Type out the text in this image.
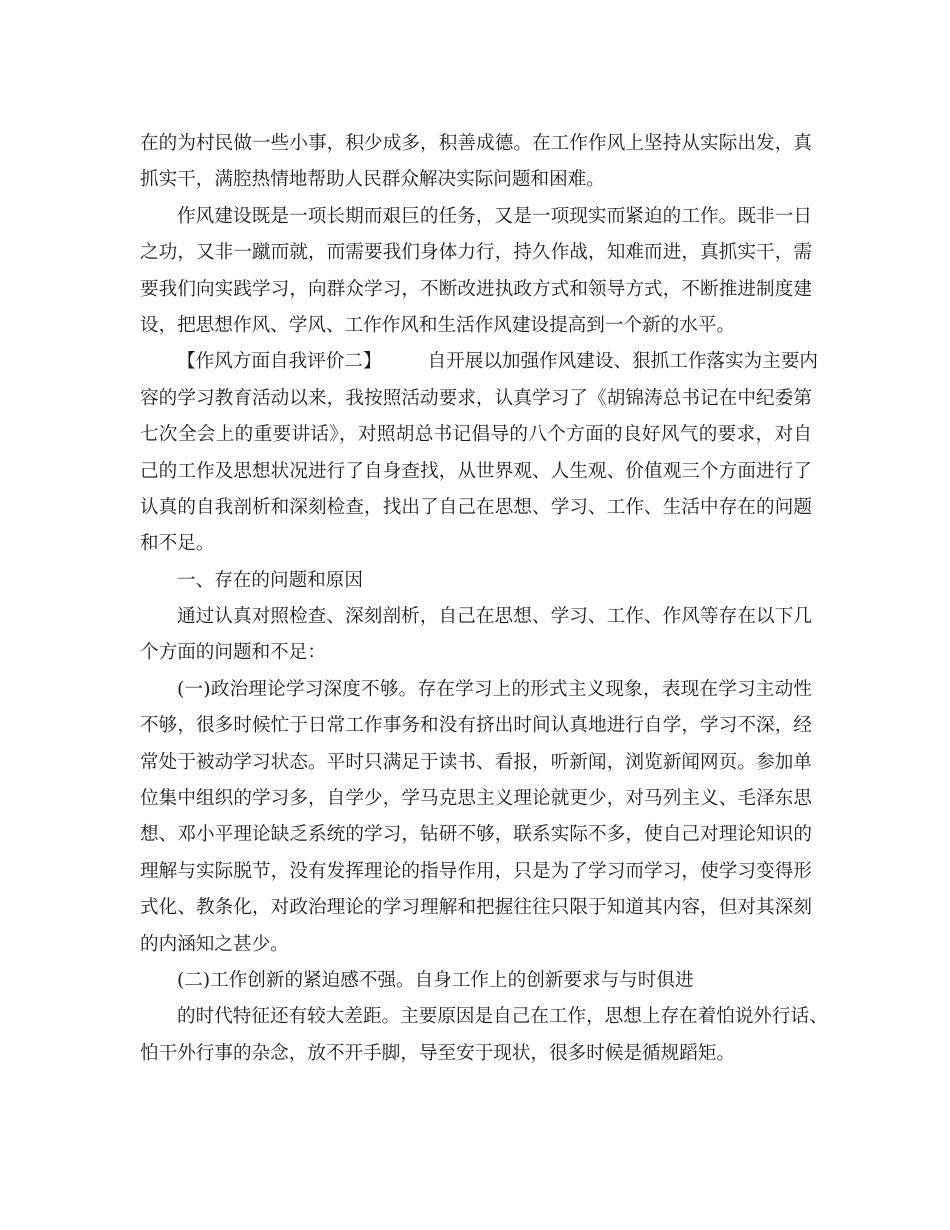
在的为村民做一些小事，积少成多，积善成德。在工作作风上坚持从实际出发，真
抓实干，满腔热情地帮助人民群众解决实际问题和困难。
作风建设既是一项长期而艰巨的任务，又是一项现实而紧迫的工作。既非一日
之功，又非一蹴而就，而需要我们身体力行，持久作战，知难而进，真抓实干，需
要我们向实践学习，向群众学习，不断改进执政方式和领导方式，不断推进制度建
设，把思想作风、学风、工作作风和生活作风建设提高到一个新的水平。
【作风方面自我评价二】 自开展以加强作风建设、狠抓工作落实为主要内
容的学习教育活动以来，我按照活动要求，认真学习了《胡锦涛总书记在中纪委第
七次全会上的重要讲话》，对照胡总书记倡导的八个方面的良好风气的要求，对自
己的工作及思想状况进行了自身查找，从世界观、人生观、价值观三个方面进行了
认真的自我剖析和深刻检查，找出了自己在思想、学习、工作、生活中存在的问题
和不足。
一、存在的问题和原因
通过认真对照检查、深刻剖析，自己在思想、学习、工作、作风等存在以下几
个方面的问题和不足：
(一)政治理论学习深度不够。存在学习上的形式主义现象，表现在学习主动性
不够，很多时候忙于日常工作事务和没有挤出时间认真地进行自学，学习不深，经
常处于被动学习状态。平时只满足于读书、看报，听新闻，浏览新闻网页。参加单
位集中组织的学习多，自学少，学马克思主义理论就更少，对马列主义、毛泽东思
想、邓小平理论缺乏系统的学习，钻研不够，联系实际不多，使自己对理论知识的
理解与实际脱节，没有发挥理论的指导作用，只是为了学习而学习，使学习变得形
式化、教条化，对政治理论的学习理解和把握往往只限于知道其内容，但对其深刻
的内涵知之甚少。
(二)工作创新的紧迫感不强。自身工作上的创新要求与与时俱进
的时代特征还有较大差距。主要原因是自己在工作，思想上存在着怕说外行话、
怕干外行事的杂念，放不开手脚，导至安于现状，很多时候是循规蹈矩。
